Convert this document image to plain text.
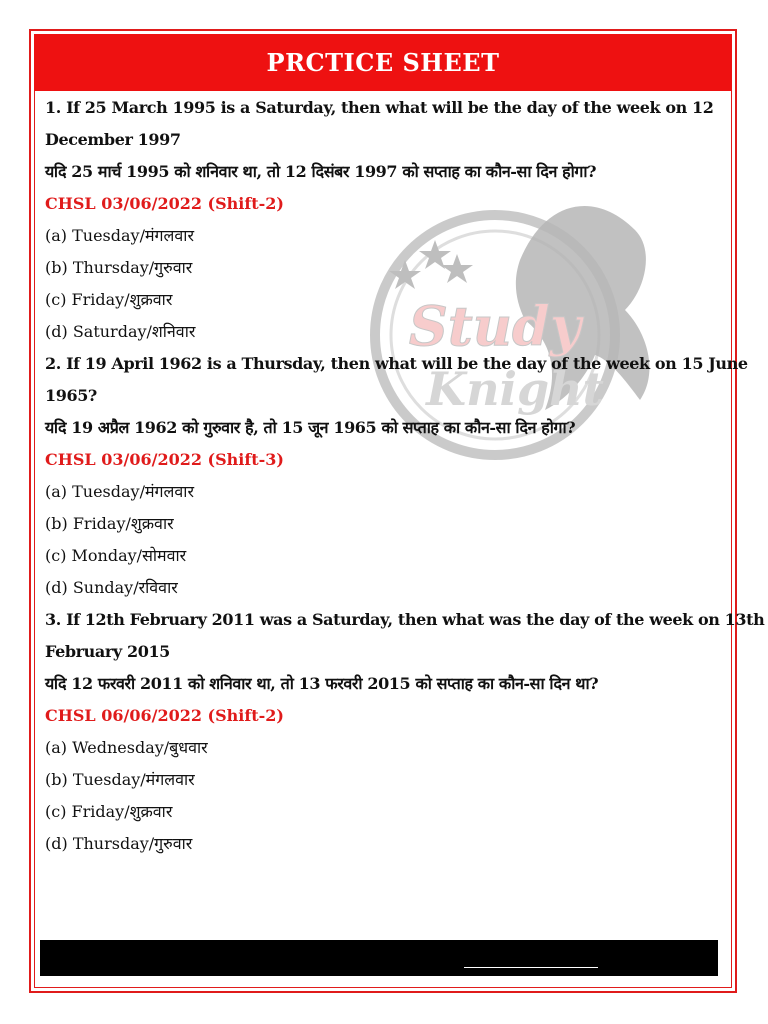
PRCTICE SHEET
Study
Knight
1. If 25 March 1995 is a Saturday, then what will be the day of the week on 12
December 1997
यदि 25 मार्च 1995 को शनिवार था, तो 12 दिसंबर 1997 को सप्ताह का कौन-सा दिन होगा?
CHSL 03/06/2022 (Shift-2)
(a) Tuesday/मंगलवार
(b) Thursday/गुरुवार
(c) Friday/शुक्रवार
(d) Saturday/शनिवार
2. If 19 April 1962 is a Thursday, then what will be the day of the week on 15 June
1965?
यदि 19 अप्रैल 1962 को गुरुवार है, तो 15 जून 1965 को सप्ताह का कौन-सा दिन होगा?
CHSL 03/06/2022 (Shift-3)
(a) Tuesday/मंगलवार
(b) Friday/शुक्रवार
(c) Monday/सोमवार
(d) Sunday/रविवार
3. If 12th February 2011 was a Saturday, then what was the day of the week on 13th
February 2015
यदि 12 फरवरी 2011 को शनिवार था, तो 13 फरवरी 2015 को सप्ताह का कौन-सा दिन था?
CHSL 06/06/2022 (Shift-2)
(a) Wednesday/बुधवार
(b) Tuesday/मंगलवार
(c) Friday/शुक्रवार
(d) Thursday/गुरुवार
